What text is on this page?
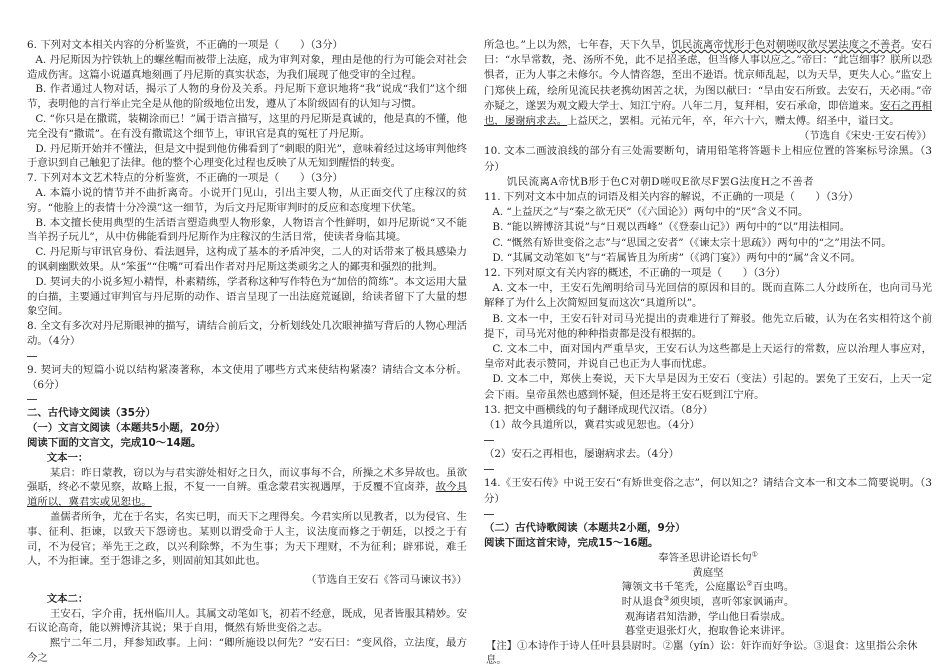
6. 下列对文本相关内容的分析鉴赏，不正确的一项是（　　）（3分）

A. 丹尼斯因为拧铁轨上的螺丝帽而被带上法庭，成为审判对象，理由是他的行为可能会对社会造成伤害。这篇小说逼真地刻画了丹尼斯的真实状态，为我们展现了他受审的全过程。

B. 作者通过人物对话，揭示了人物的身份及关系。丹尼斯下意识地将“我”说成“我们”这个细节，表明他的言行举止完全是从他的阶级地位出发，遵从了本阶级固有的认知与习惯。

C. “你只是在撒谎，装糊涂而已！”属于语言描写，这里的丹尼斯是真诚的，他是真的不懂，他完全没有“撒谎”。在有没有撒谎这个细节上，审讯官是真的冤枉了丹尼斯。

D. 丹尼斯开始并不懂法，但是文中提到他仿佛看到了“刺眼的阳光”，意味着经过这场审判他终于意识到自己触犯了法律。他的整个心理变化过程也反映了从无知到醒悟的转变。

7. 下列对本文艺术特点的分析鉴赏，不正确的一项是（　　）（3分）

A. 本篇小说的情节并不曲折离奇。小说开门见山，引出主要人物，从正面交代了庄稼汉的贫穷。“他脸上的表情十分冷漠”这一细节，为后文丹尼斯审判时的反应和态度埋下伏笔。

B. 本文擅长使用典型的生活语言塑造典型人物形象，人物语言个性鲜明，如丹尼斯说“又不能当羊拐子玩儿”，从中仿佛能看到丹尼斯作为庄稼汉的生活日常，使读者身临其境。

C. 丹尼斯与审讯官身份、看法迥异，这构成了基本的矛盾冲突，二人的对话带来了极具感染力的讽刺幽默效果。从“笨蛋”“住嘴”可看出作者对丹尼斯这类顽劣之人的鄙夷和强烈的批判。

D. 契诃夫的小说多短小精悍，朴素精练，学者称这种写作特色为“加倍的简练”。本文运用大量的白描，主要通过审判官与丹尼斯的动作、语言呈现了一出法庭荒诞剧，给读者留下了大量的想象空间。

8. 全文有多次对丹尼斯眼神的描写，请结合前后文，分析划线处几次眼神描写背后的人物心理活动。（4分）

9. 契诃夫的短篇小说以结构紧凑著称，本文使用了哪些方式来使结构紧凑？请结合文本分析。（6分）

二、古代诗文阅读（35分）

（一）文言文阅读（本题共5小题，20分）

阅读下面的文言文，完成10～14题。

文本一：

某启：昨日蒙教，窃以为与君实游处相好之日久，而议事每不合，所操之术多异故也。虽欲强聒，终必不蒙见察，故略上报，不复一一自辨。重念蒙君实视遇厚，于反覆不宜卤莽，故今具道所以，冀君实或见恕也。

盖儒者所争，尤在于名实，名实已明，而天下之理得矣。今君实所以见教者，以为侵官、生事、征利、拒谏，以致天下怨谤也。某则以谓受命于人主，议法度而修之于朝廷，以授之于有司，不为侵官；举先王之政，以兴利除弊，不为生事；为天下理财，不为征利；辟邪说，难壬人，不为拒谏。至于怨诽之多，则固前知其如此也。

（节选自王安石《答司马谏议书》）

文本二：

王安石，字介甫，抚州临川人。其属文动笔如飞，初若不经意，既成，见者皆服其精妙。安石议论高奇，能以辨博济其说；果于自用，慨然有矫世变俗之志。

熙宁二年二月，拜参知政事。上问：“卿所施设以何先？”安石曰：“变风俗，立法度，最方今之

所急也。”上以为然，七年春，天下久旱，饥民流离帝忧形于色对朝嗟叹欲尽罢法度之不善者。安石曰：“水旱常数，尧、汤所不免，此不足招圣虑，但当修人事以应之。”帝曰：“此岂细事？朕所以恐惧者，正为人事之未修尔。今人情咨怨，至出不逊语。忧京师乱起，以为天旱，更失人心。”监安上门郑侠上疏，绘所见流民扶老携幼困苦之状，为图以献曰：“旱由安石所致。去安石，天必雨。”帝亦疑之，遂罢为观文殿大学士、知江宁府。八年二月，复拜相，安石承命，即倍道来。安石之再相也，屡谢病求去。上益厌之，罢相。元祐元年，卒，年六十六，赠太傅。绍圣中，谥曰文。

（节选自《宋史·王安石传》）

10. 文本二画波浪线的部分有三处需要断句，请用铅笔将答题卡上相应位置的答案标号涂黑。（3分）

饥民流离A帝忧B形于色C对朝D嗟叹E欲尽F罢G法度H之不善者

11. 下列对文本中加点的词语及相关内容的解说，不正确的一项是（　　）（3分）

A. “上益厌之”与“秦之欲无厌”（《六国论》）两句中的“厌”含义不同。

B. “能以辨博济其说”与“日观以西峰”（《登泰山记》）两句中的“以”用法相同。

C. “慨然有矫世变俗之志”与“思国之安者”（《谏太宗十思疏》）两句中的“之”用法不同。

D. “其属文动笔如飞”与“若属皆且为所虏”（《鸿门宴》）两句中的“属”含义不同。

12. 下列对原文有关内容的概述，不正确的一项是（　　）（3分）

A. 文本一中，王安石先阐明给司马光回信的原因和目的。既而直陈二人分歧所在，也向司马光解释了为什么上次简短回复而这次“具道所以”。

B. 文本一中，王安石针对司马光提出的责难进行了辩驳。他先立后破，认为在名实相符这个前提下，司马光对他的种种指责都是没有根据的。

C. 文本二中，面对国内严重旱灾，王安石认为这些都是上天运行的常数，应以治理人事应对，皇帝对此表示赞同，并说自己也正为人事而忧虑。

D. 文本二中，郑侠上奏说，天下大旱是因为王安石（变法）引起的。罢免了王安石，上天一定会下雨。皇帝虽然也感到怀疑，但还是将王安石贬到江宁府。

13. 把文中画横线的句子翻译成现代汉语。（8分）

（1）故今具道所以，冀君实或见恕也。（4分）

（2）安石之再相也，屡谢病求去。（4分）

14.《王安石传》中说王安石“有矫世变俗之志”，何以知之？请结合文本一和文本二简要说明。（3分）

（二）古代诗歌阅读（本题共2小题，9分）

阅读下面这首宋诗，完成15～16题。

奉答圣思讲论语长句①

黄庭坚

簿领文书千笔秃，公庭嚚讼②百虫鸣。

时从退食③须臾顷，喜听邻家讽诵声。

观海诸君知浩渺，学山他日看崇成。

暮堂吏退张灯火，抱取鲁论来讲评。

【注】①本诗作于诗人任叶县县尉时。②嚚（yín）讼：奸诈而好争讼。③退食：这里指公余休息。
